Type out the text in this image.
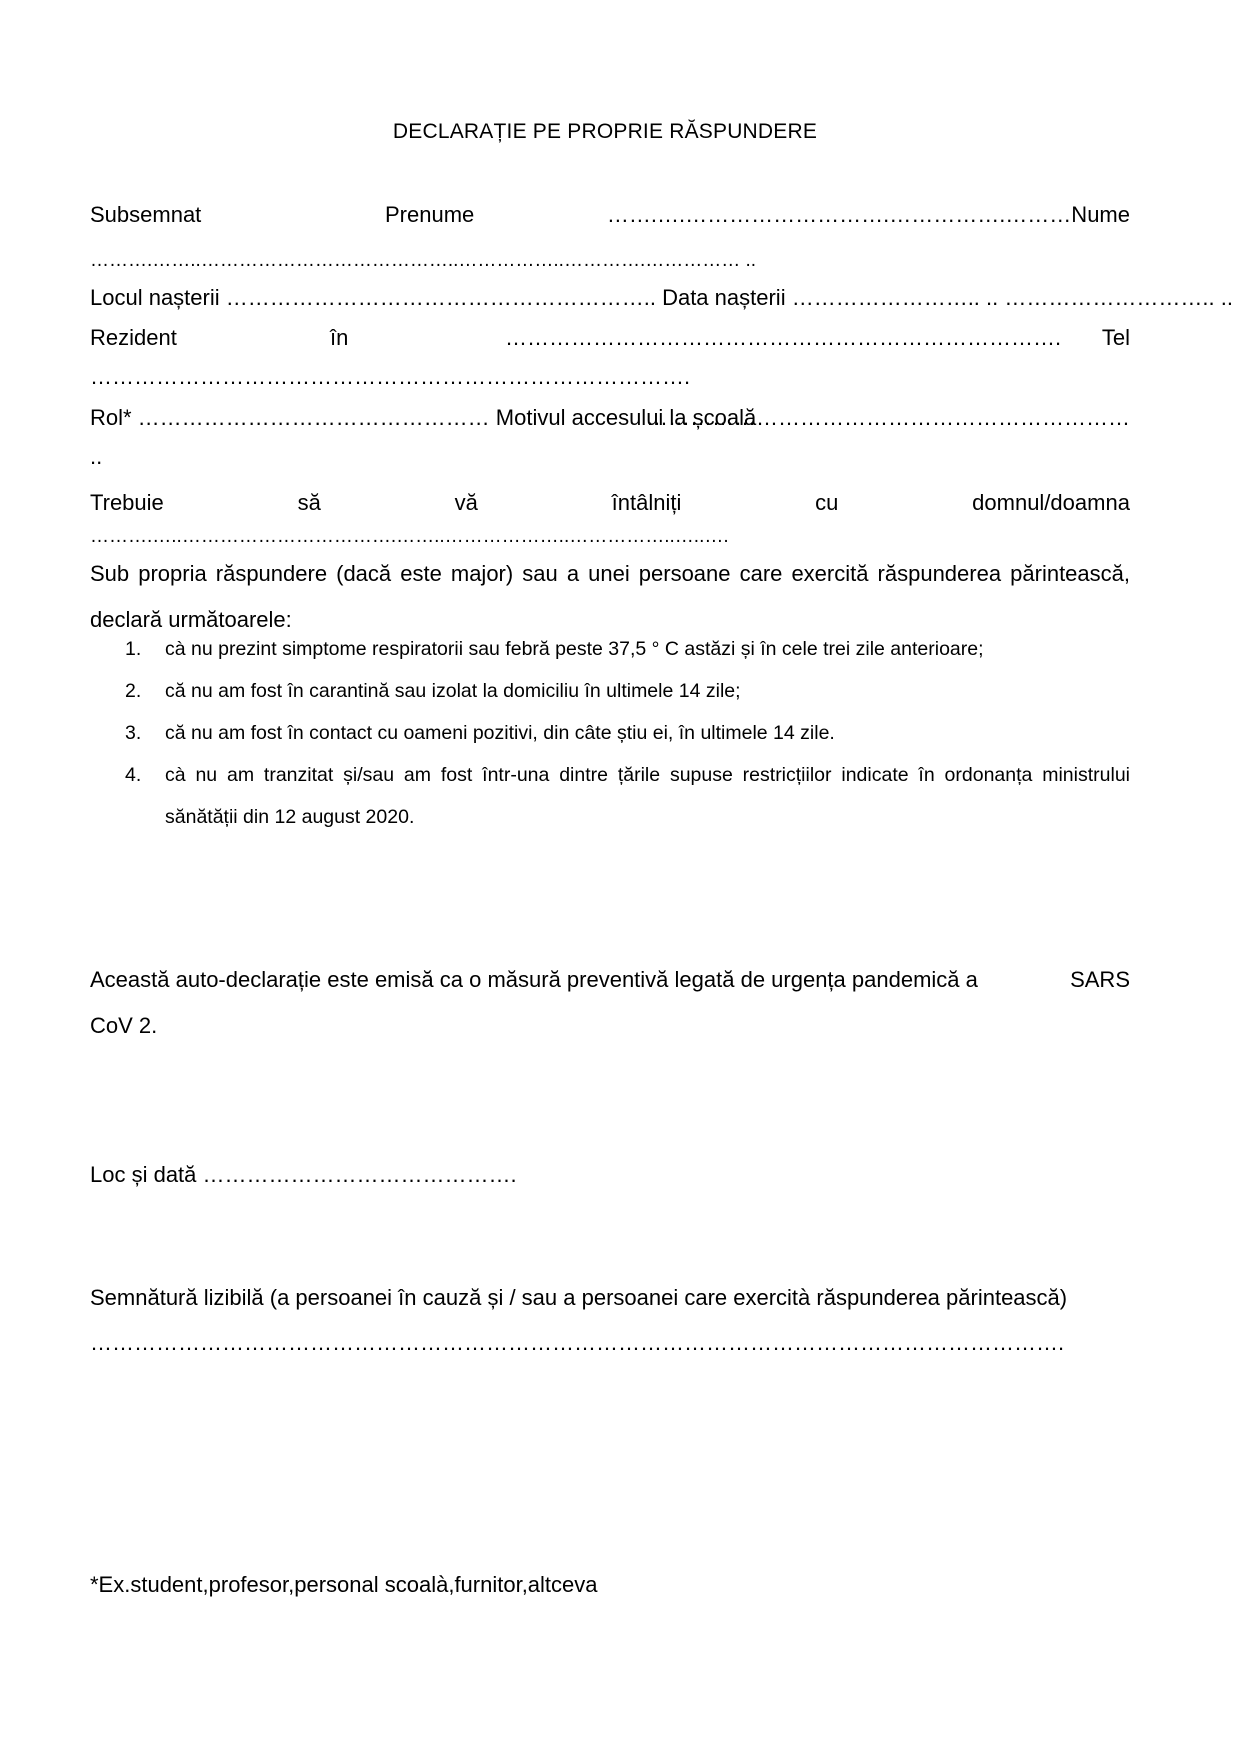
DECLARAȚIE PE PROPRIE RĂSPUNDERE
Subsemnat	Prenume	…….….……………………….…………….………Nume
……….……..…………………………………..……………..………….…………… ..
Locul nașterii ………………………………………………….. Data nașterii …………………….. .. ……………………….. ..
Rezident	în	…………………………………………………………………. Tel
……………………………………………………………………….
Rol* ………………………………………… Motivul accesului la școală
…………………………………………………………
..
Trebuie	să	vă	întâlniți	cu	domnul/doamna
……….…..…………………………….……..………………..……………..…..….
Sub propria răspundere (dacă este major) sau a unei persoane care exercită răspunderea părintească, declară următoarele:
1. cà nu prezint simptome respiratorii sau febră peste 37,5 ° C astăzi și în cele trei zile anterioare;
2. că nu am fost în carantină sau izolat la domiciliu în ultimele 14 zile;
3. că nu am fost în contact cu oameni pozitivi, din câte știu ei, în ultimele 14 zile.
4. cà nu am tranzitat și/sau am fost într-una dintre țările supuse restricțiilor indicate în ordonanța ministrului sănătății din 12 august 2020.
Această auto-declarație este emisă ca o măsură preventivă legată de urgența pandemică a	SARS
CoV 2.
Loc și dată …………………………………….
Semnătură lizibilă (a persoanei în cauză și / sau a persoanei care exercità răspunderea părintească)
…………………………………………………………………………………………………………………….
*Ex.student,profesor,personal scoalà,furnitor,altceva
